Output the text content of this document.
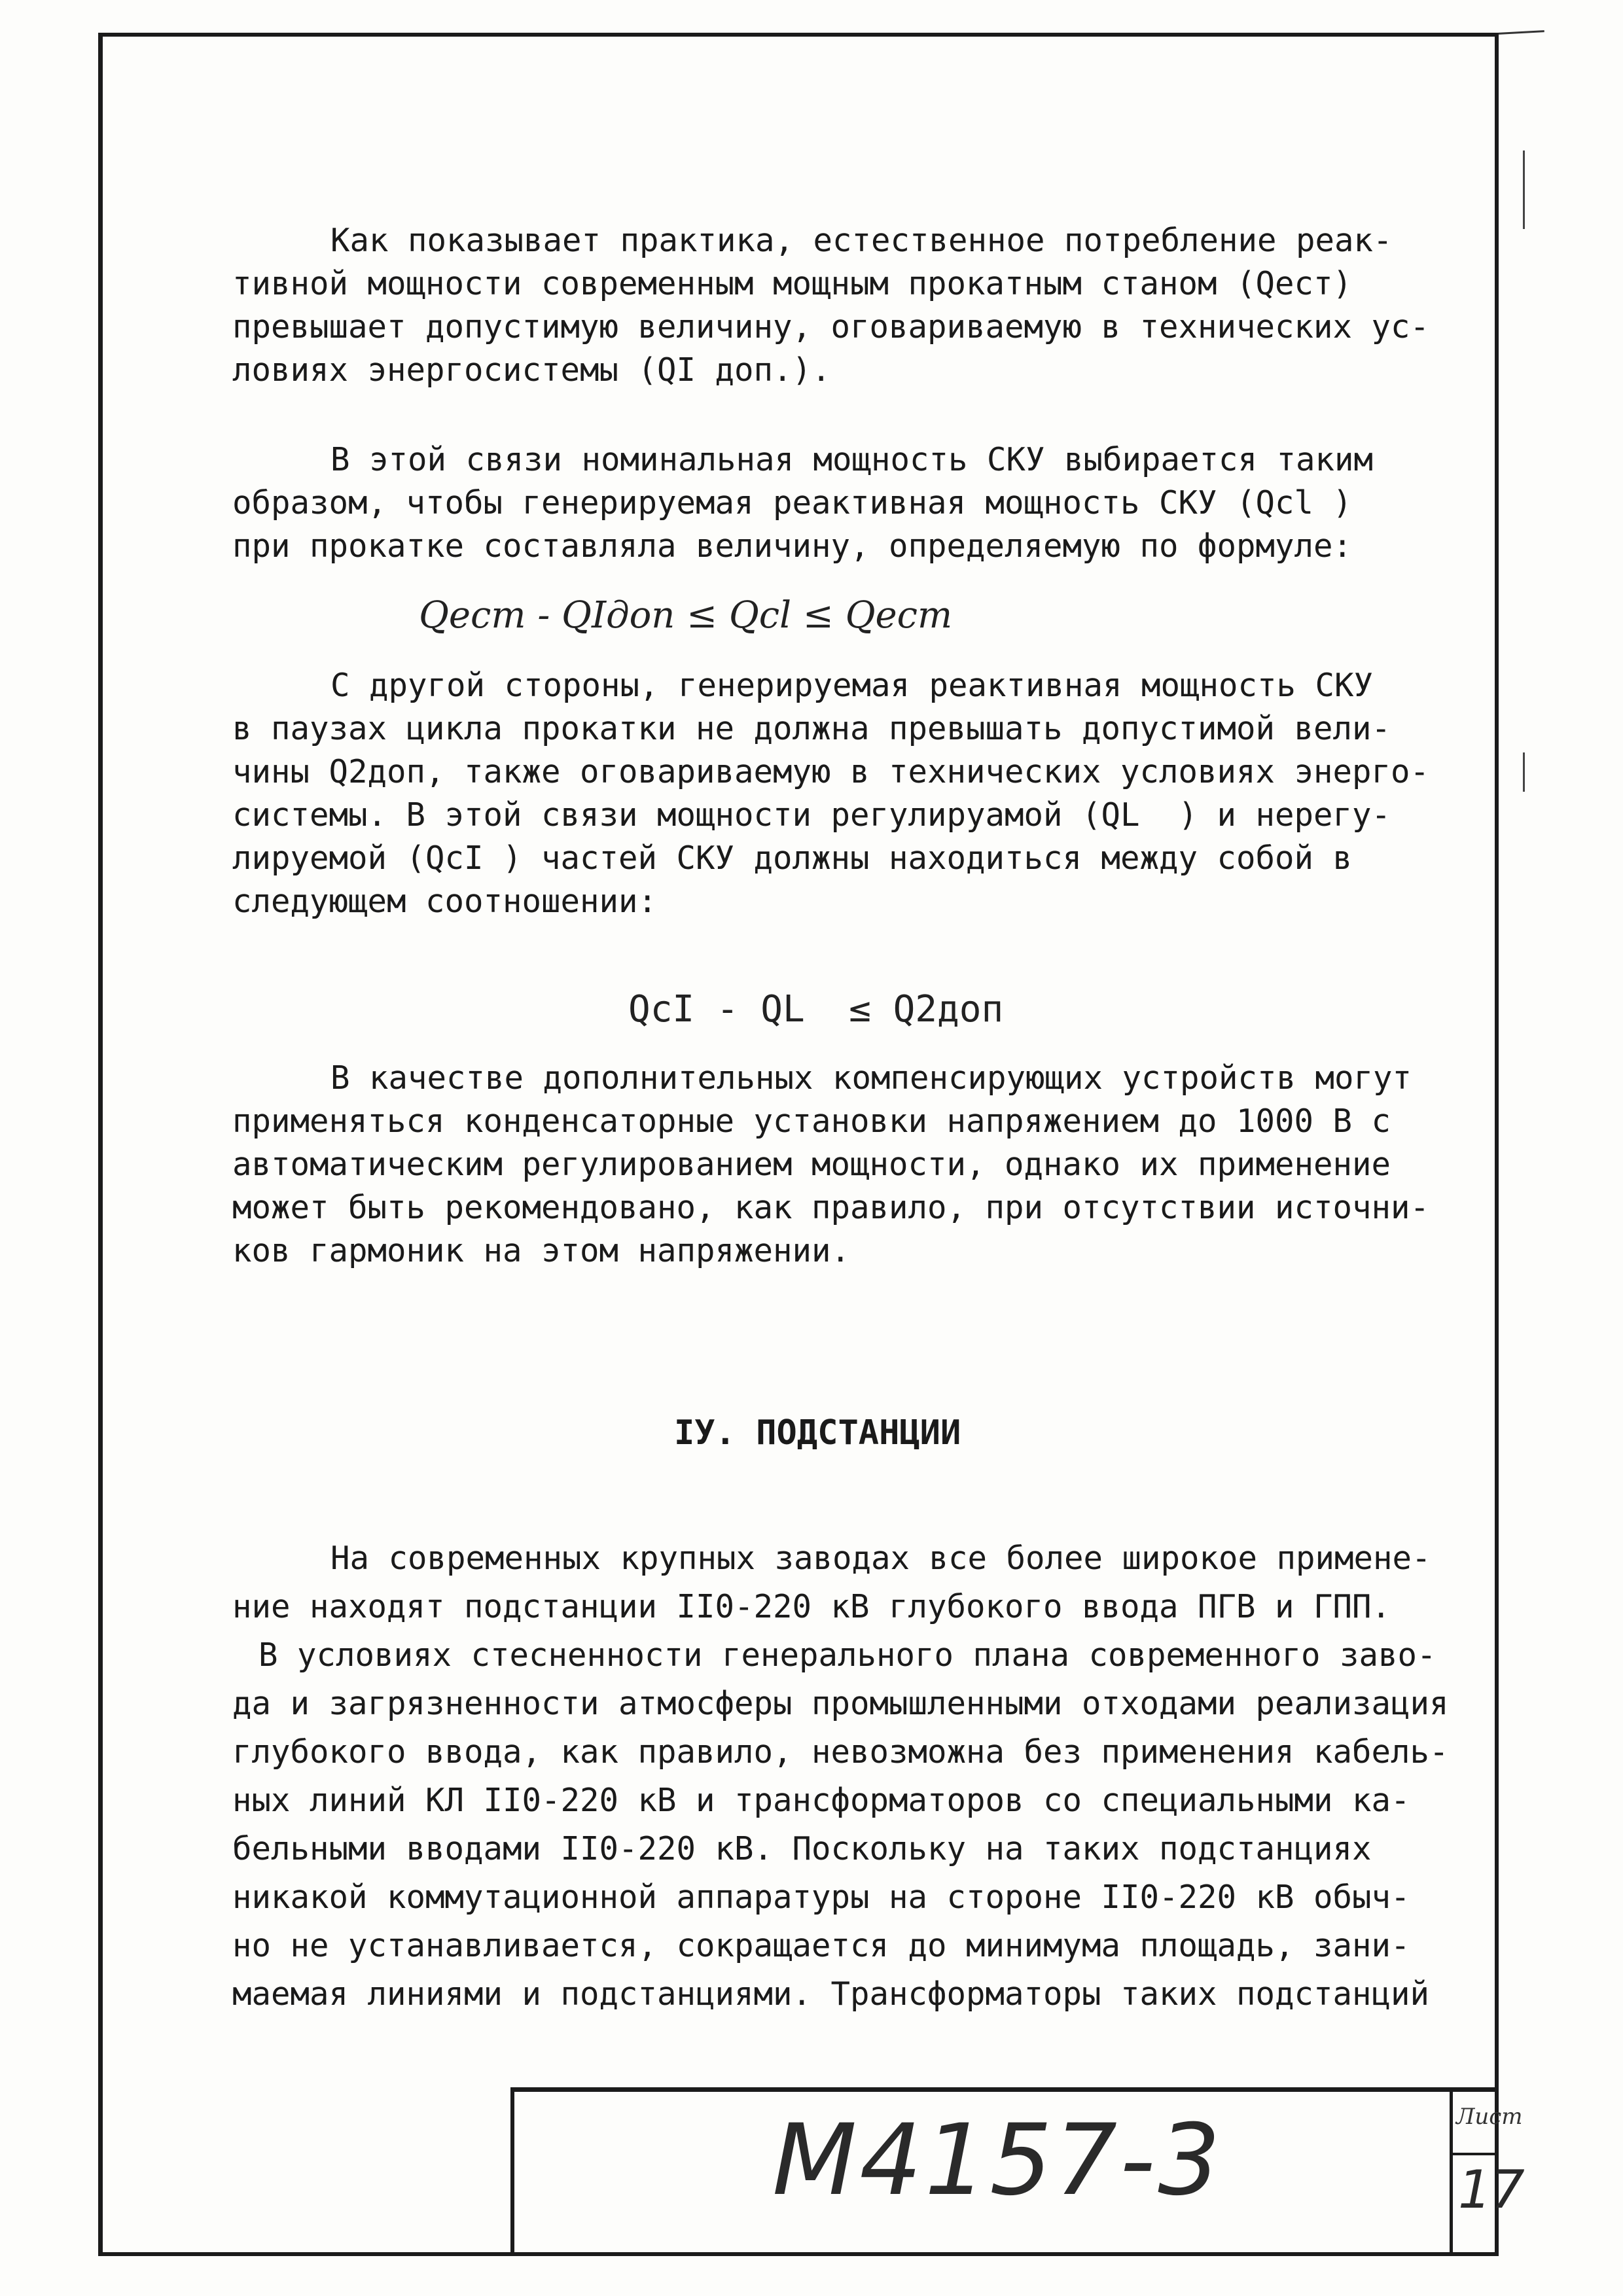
Как показывает практика, естественное потребление реак-
тивной мощности современным мощным прокатным станом (Qест)
превышает допустимую величину, оговариваемую в технических ус-
ловиях энергосистемы (QI доп.).
В этой связи номинальная мощность СКУ выбирается таким
образом, чтобы генерируемая реактивная мощность СКУ (Qcl )
при прокатке составляла величину, определяемую по формуле:
Qест - QIдоп ≤ Qcl ≤ Qест
С другой стороны, генерируемая реактивная мощность СКУ
в паузах цикла прокатки не должна превышать допустимой вели-
чины Q2доп, также оговариваемую в технических условиях энерго-
системы. В этой связи мощности регулируамой (QL  ) и нерегу-
лируемой (QcI ) частей СКУ должны находиться между собой в
следующем соотношении:
QcI - QL  ≤ Q2доп
В качестве дополнительных компенсирующих устройств могут
применяться конденсаторные установки напряжением до 1000 В с
автоматическим регулированием мощности, однако их применение
может быть рекомендовано, как правило, при отсутствии источни-
ков гармоник на этом напряжении.
IУ. ПОДСТАНЦИИ
На современных крупных заводах все более широкое применe-
ние находят подстанции II0-220 кВ глубокого ввода ПГВ и ГПП.
В условиях стесненности генерального плана современного заво-
да и загрязненности атмосферы промышленными отходами реализация
глубокого ввода, как правило, невозможна без применения кабель-
ных линий КЛ II0-220 кВ и трансформаторов со специальными ка-
бельными вводами II0-220 кВ. Поскольку на таких подстанциях
никакой коммутационной аппаратуры на стороне II0-220 кВ обыч-
но не устанавливается, сокращается до минимума площадь, зани-
маемая линиями и подстанциями. Трансформаторы таких подстанций
M4157-3	Лист
17
